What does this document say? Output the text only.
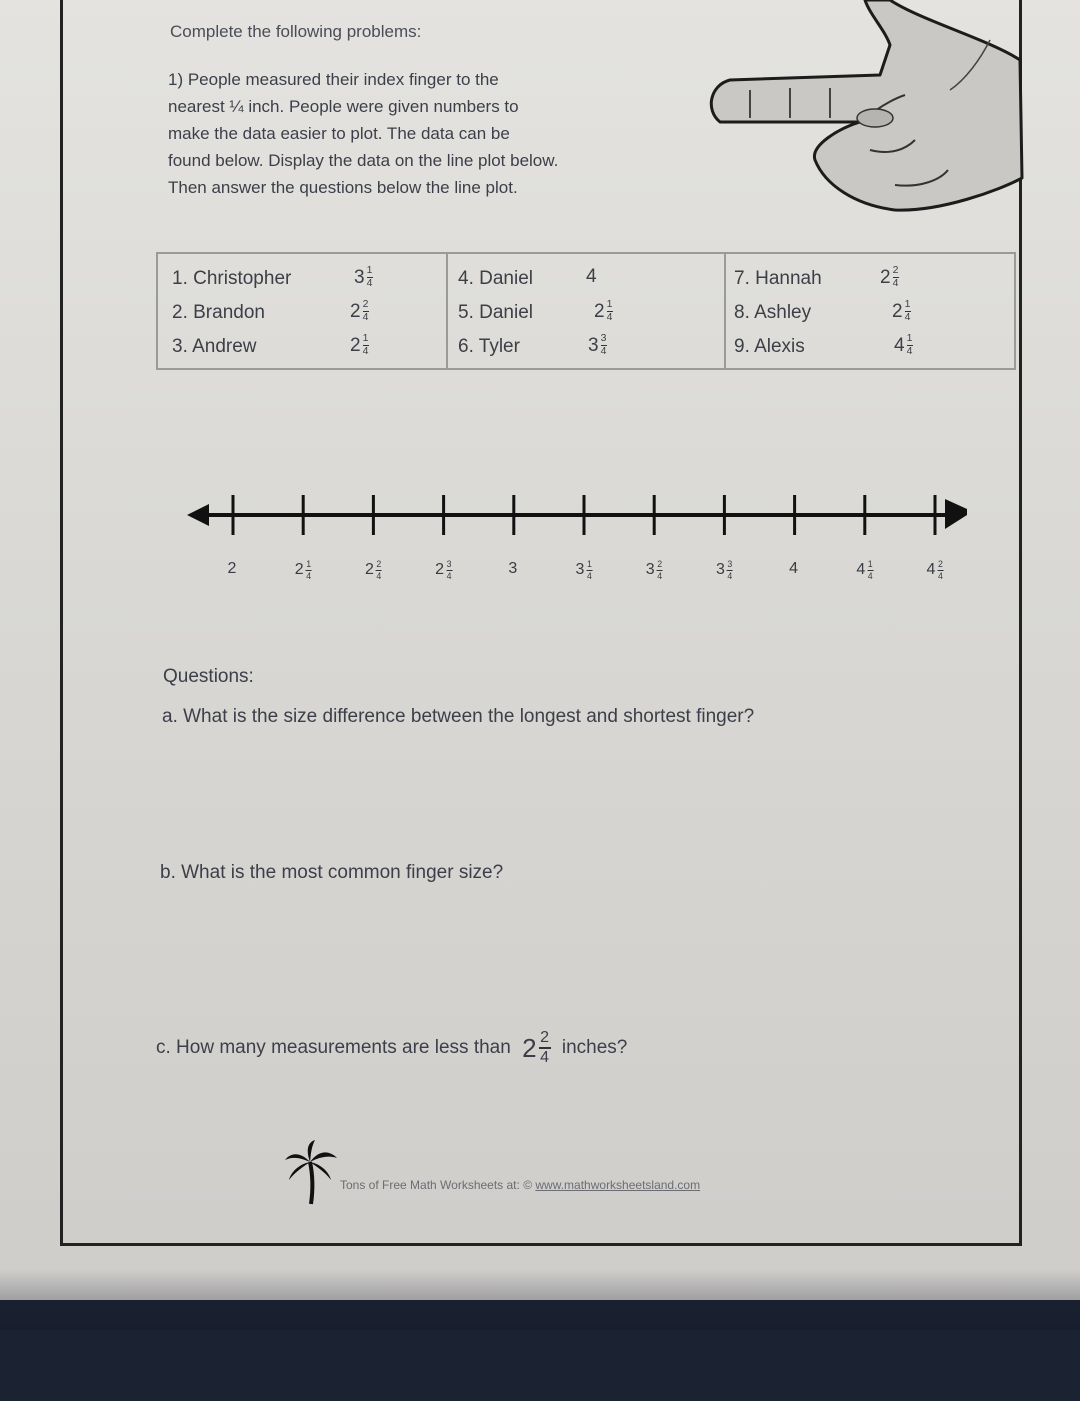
Complete the following problems:
1) People measured their index finger to the
nearest ¼ inch. People were given numbers to
make the data easier to plot. The data can be
found below. Display the data on the line plot below.
Then answer the questions below the line plot.
1. Christopher	3 1
4
2. Brandon	2 2
4
3. Andrew	2 1
4
4. Daniel	4
5. Daniel	2 1
4
6. Tyler	3 3
4
7. Hannah	2 2
4
8. Ashley	2 1
4
9. Alexis	4 1
4
2	2 1
4	2 2
4	2 3
4	3	3 1
4	3 2
4	3 3
4	4	4 1
4	4 2
4
Questions:
a. What is the size difference between the longest and shortest finger?
b. What is the most common finger size?
c. How many measurements are less than 2 2
4 inches?
Tons of Free Math Worksheets at: © www.mathworksheetsland.com
